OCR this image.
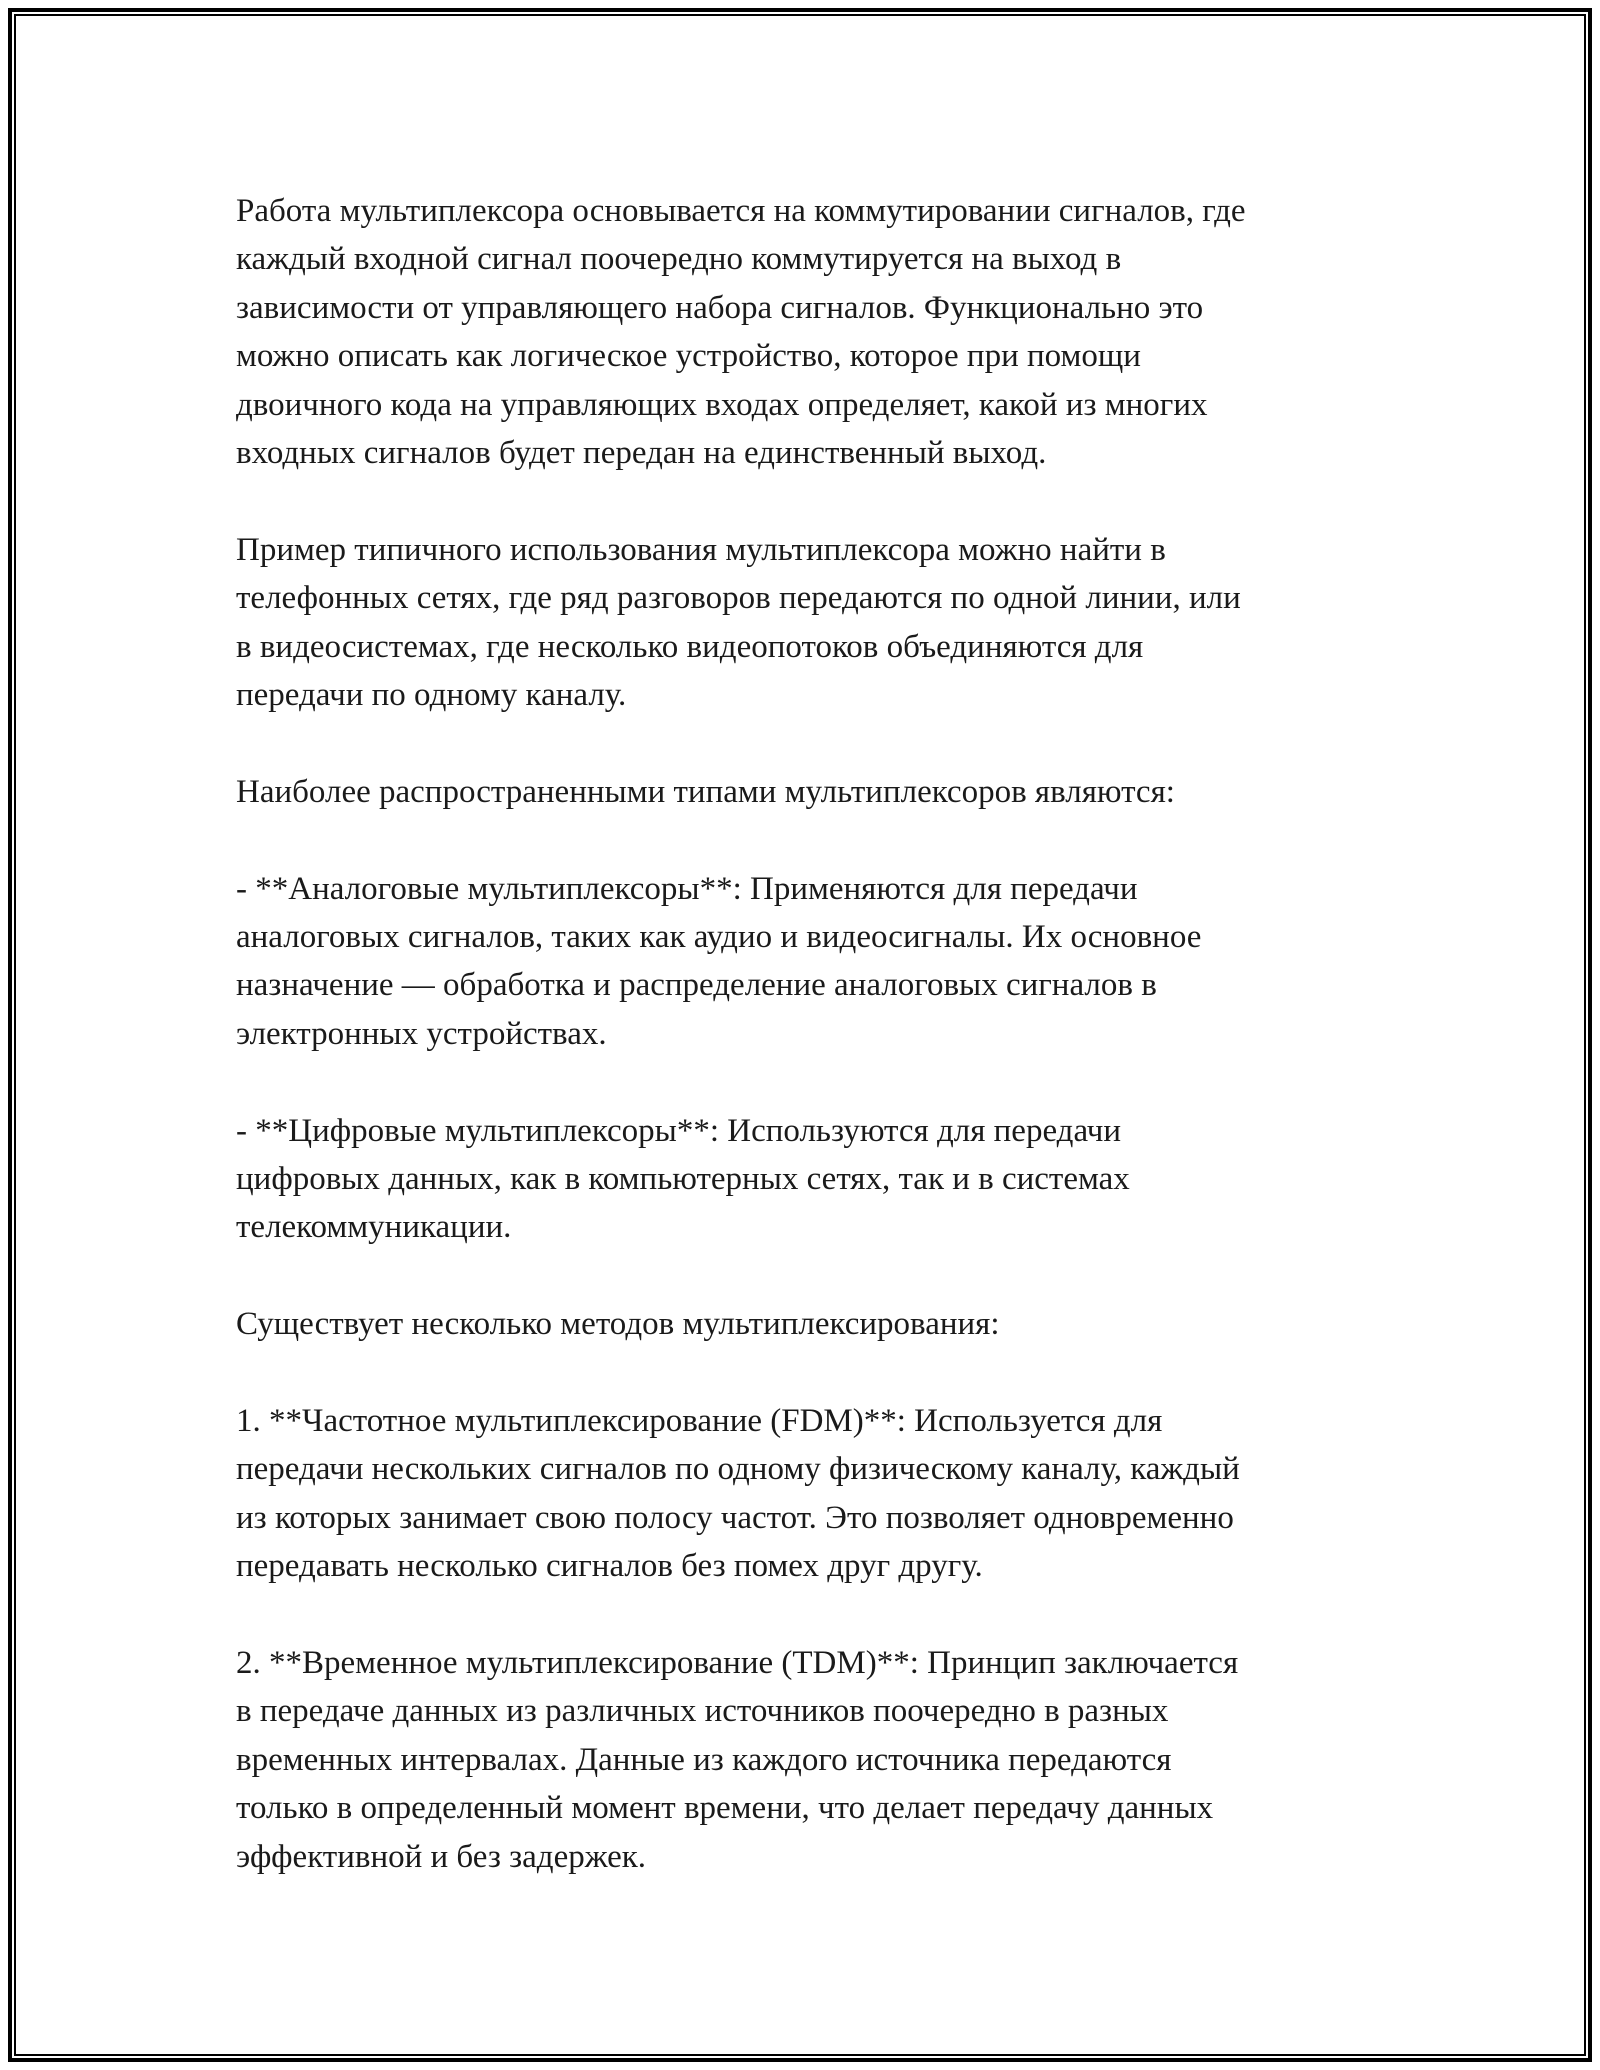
Работа мультиплексора основывается на коммутировании сигналов, где
каждый входной сигнал поочередно коммутируется на выход в
зависимости от управляющего набора сигналов. Функционально это
можно описать как логическое устройство, которое при помощи
двоичного кода на управляющих входах определяет, какой из многих
входных сигналов будет передан на единственный выход.

Пример типичного использования мультиплексора можно найти в
телефонных сетях, где ряд разговоров передаются по одной линии, или
в видеосистемах, где несколько видеопотоков объединяются для
передачи по одному каналу.

Наиболее распространенными типами мультиплексоров являются:

- **Аналоговые мультиплексоры**: Применяются для передачи
аналоговых сигналов, таких как аудио и видеосигналы. Их основное
назначение — обработка и распределение аналоговых сигналов в
электронных устройствах.

- **Цифровые мультиплексоры**: Используются для передачи
цифровых данных, как в компьютерных сетях, так и в системах
телекоммуникации.

Существует несколько методов мультиплексирования:

1. **Частотное мультиплексирование (FDM)**: Используется для
передачи нескольких сигналов по одному физическому каналу, каждый
из которых занимает свою полосу частот. Это позволяет одновременно
передавать несколько сигналов без помех друг другу.

2. **Временное мультиплексирование (TDM)**: Принцип заключается
в передаче данных из различных источников поочередно в разных
временных интервалах. Данные из каждого источника передаются
только в определенный момент времени, что делает передачу данных
эффективной и без задержек.
